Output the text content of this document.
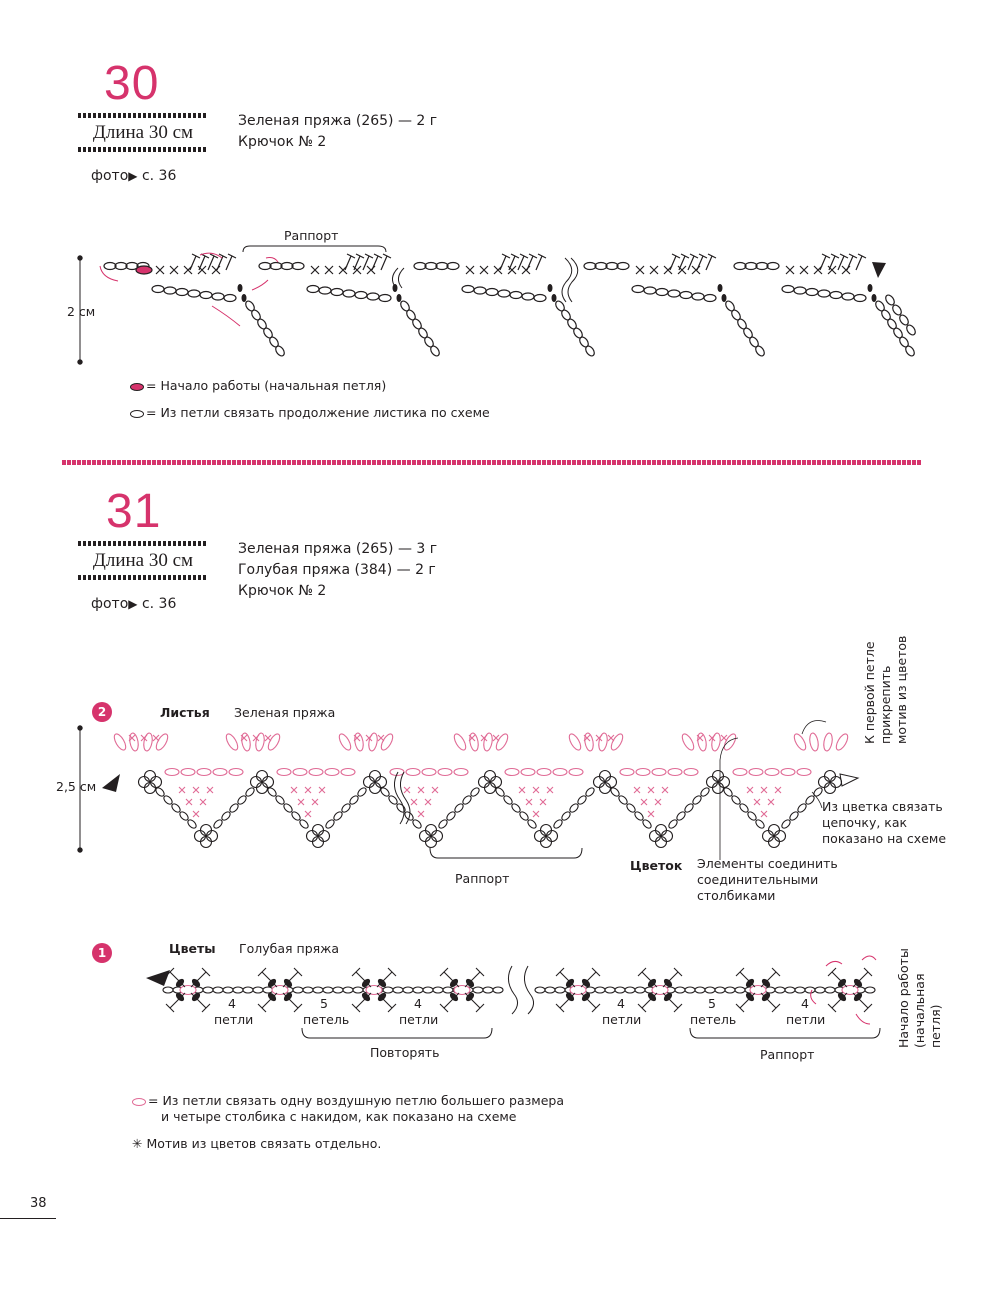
30
Длина 30 см
фото▶ с. 36
Зеленая пряжа (265) — 2 г
Крючок № 2
Раппорт
2 см
= Начало работы (начальная петля)
= Из петли связать продолжение листика по схеме
31
Длина 30 см
фото▶ с. 36
Зеленая пряжа (265) — 3 г
Голубая пряжа (384) — 2 г
Крючок № 2
2	Листья Зеленая пряжа
2,5 см
Раппорт
Цветок Элементы соединить соединительными столбиками
Из цветка связать цепочку, как показано на схеме
К первой петле прикрепить мотив из цветов
1	Цветы Голубая пряжа
4
петли
5
петель
4
петли
4
петли
5
петель
4
петли
Повторять	Раппорт
Начало работы (начальная петля)
= Из петли связать одну воздушную петлю большего размера
и четыре столбика с накидом, как показано на схеме
✳ Мотив из цветов связать отдельно.
38
